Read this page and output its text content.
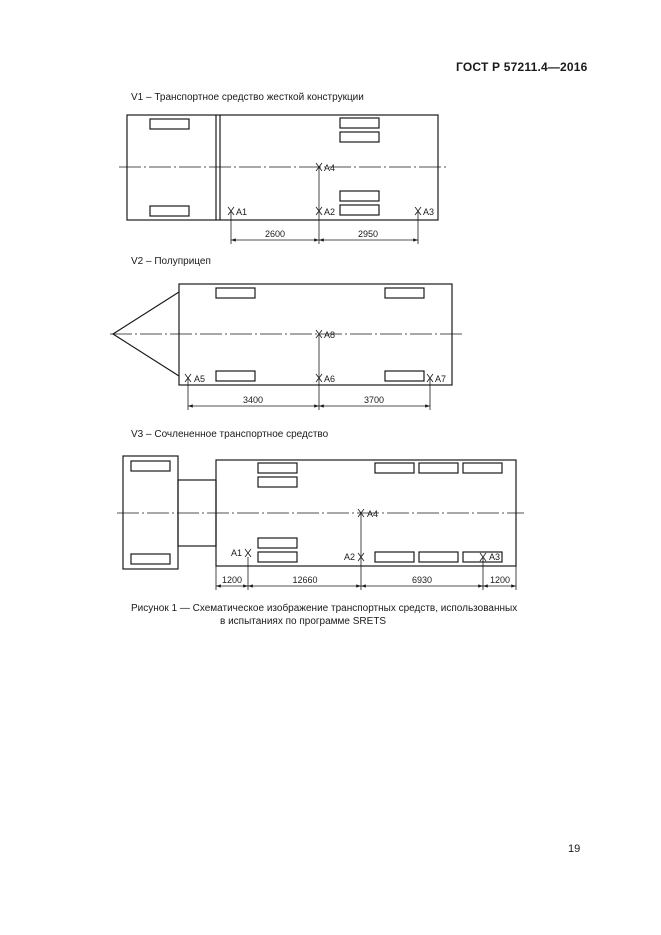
ГОСТ Р 57211.4—2016
V1 – Транспортное средство жесткой конструкции
V2 – Полуприцеп
V3 – Сочлененное транспортное средство
A1	A2	A3
A4
2600	2950
A5	A6	A7
A8
3400	3700
A1	A2	A3
A4
1200	12660	6930	1200
Рисунок 1 — Схематическое изображение транспортных средств, использованных
в испытаниях по программе SRETS
19
